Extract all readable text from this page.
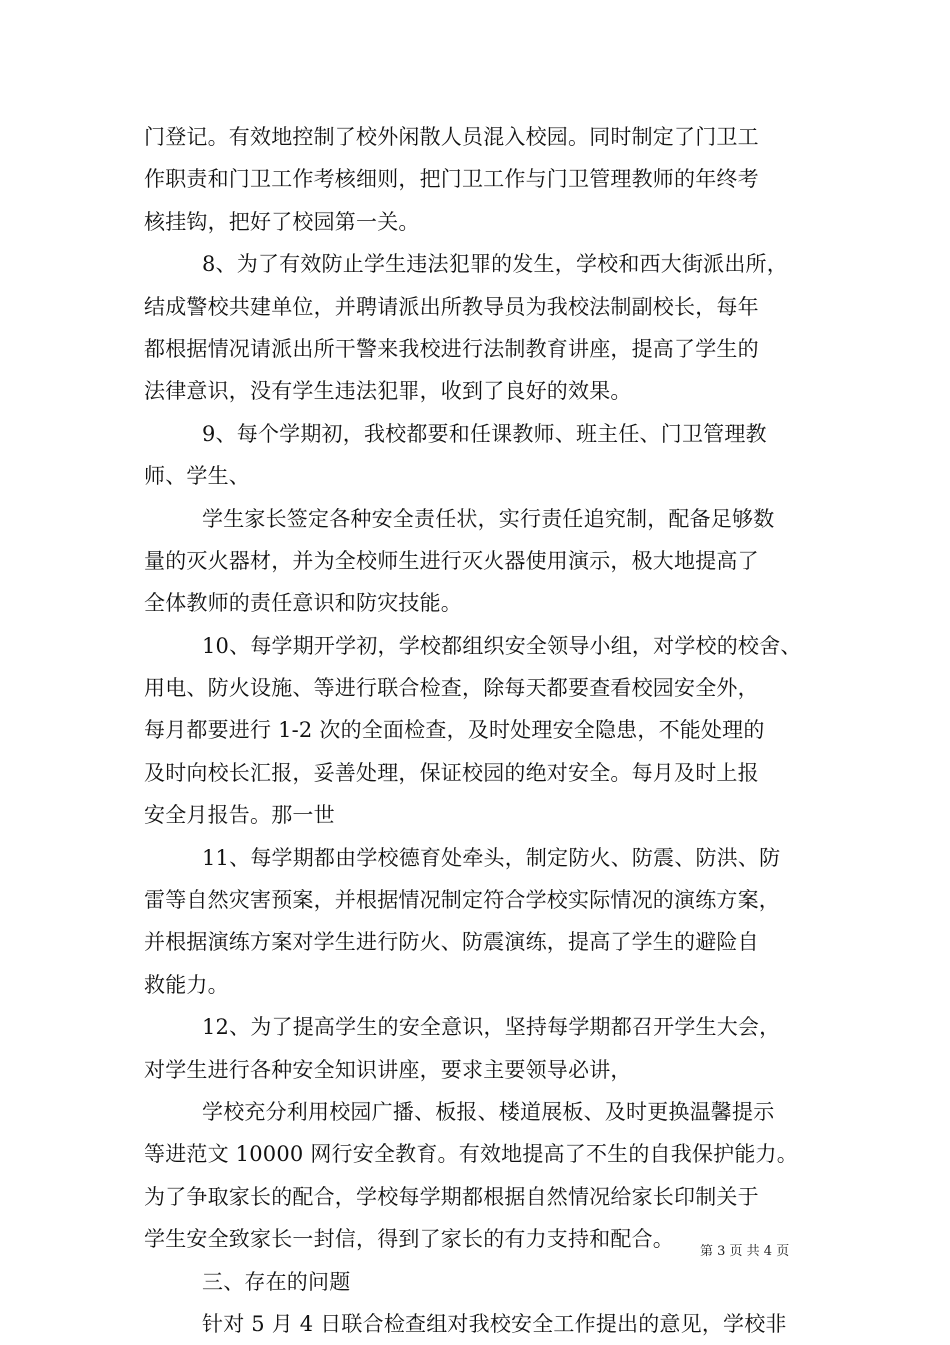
门登记。有效地控制了校外闲散人员混入校园。同时制定了门卫工
作职责和门卫工作考核细则，把门卫工作与门卫管理教师的年终考
核挂钩，把好了校园第一关。
8、为了有效防止学生违法犯罪的发生，学校和西大街派出所，
结成警校共建单位，并聘请派出所教导员为我校法制副校长，每年
都根据情况请派出所干警来我校进行法制教育讲座，提高了学生的
法律意识，没有学生违法犯罪，收到了良好的效果。
9、每个学期初，我校都要和任课教师、班主任、门卫管理教
师、学生、
学生家长签定各种安全责任状，实行责任追究制，配备足够数
量的灭火器材，并为全校师生进行灭火器使用演示，极大地提高了
全体教师的责任意识和防灾技能。
10、每学期开学初，学校都组织安全领导小组，对学校的校舍、
用电、防火设施、等进行联合检查，除每天都要查看校园安全外，
每月都要进行 1-2 次的全面检查，及时处理安全隐患，不能处理的
及时向校长汇报，妥善处理，保证校园的绝对安全。每月及时上报
安全月报告。那一世
11、每学期都由学校德育处牵头，制定防火、防震、防洪、防
雷等自然灾害预案，并根据情况制定符合学校实际情况的演练方案，
并根据演练方案对学生进行防火、防震演练，提高了学生的避险自
救能力。
12、为了提高学生的安全意识，坚持每学期都召开学生大会，
对学生进行各种安全知识讲座，要求主要领导必讲，
学校充分利用校园广播、板报、楼道展板、及时更换温馨提示
等进范文 10000 网行安全教育。有效地提高了不生的自我保护能力。
为了争取家长的配合，学校每学期都根据自然情况给家长印制关于
学生安全致家长一封信，得到了家长的有力支持和配合。
三、存在的问题
针对 5 月 4 日联合检查组对我校安全工作提出的意见，学校非
第 3 页 共 4 页
